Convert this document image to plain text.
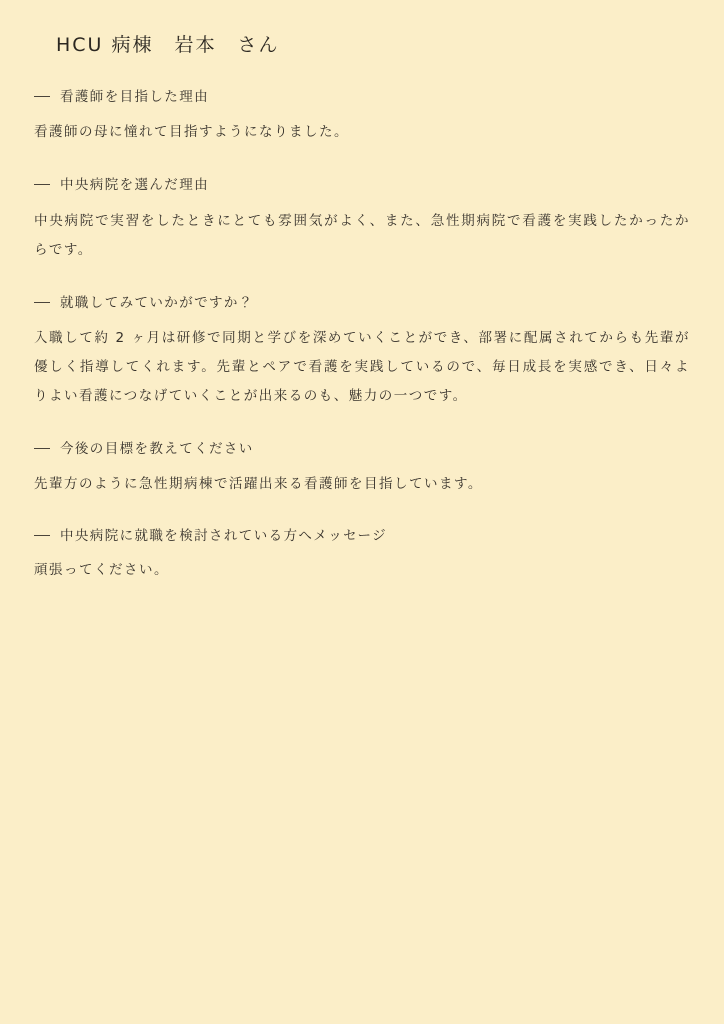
HCU 病棟　岩本　さん
看護師を目指した理由

看護師の母に憧れて目指すようになりました。

中央病院を選んだ理由

中央病院で実習をしたときにとても雰囲気がよく、また、急性期病院で看護を実践したかったからです。

就職してみていかがですか？

入職して約 2 ヶ月は研修で同期と学びを深めていくことができ、部署に配属されてからも先輩が優しく指導してくれます。先輩とペアで看護を実践しているので、毎日成長を実感でき、日々よりよい看護につなげていくことが出来るのも、魅力の一つです。

今後の目標を教えてください

先輩方のように急性期病棟で活躍出来る看護師を目指しています。

中央病院に就職を検討されている方へメッセージ

頑張ってください。
